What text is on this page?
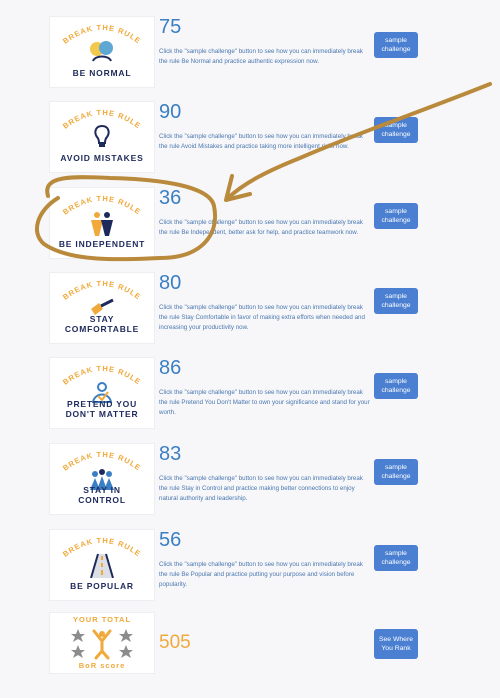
BREAK THE RULE
BE NORMAL
75
Click the "sample challenge" button to see how you can immediately break the rule Be Normal and practice authentic expression now.
sample
challenge
BREAK THE RULE
AVOID MISTAKES
90
Click the "sample challenge" button to see how you can immediately break the rule Avoid Mistakes and practice taking more intelligent risks now.
sample
challenge
BREAK THE RULE
BE INDEPENDENT
36
Click the "sample challenge" button to see how you can immediately break the rule Be Independent, better ask for help, and practice teamwork now.
sample
challenge
BREAK THE RULE
STAY
COMFORTABLE
80
Click the "sample challenge" button to see how you can immediately break the rule Stay Comfortable in favor of making extra efforts when needed and increasing your productivity now.
sample
challenge
BREAK THE RULE
PRETEND YOU
DON'T MATTER
86
Click the "sample challenge" button to see how you can immediately break the rule Pretend You Don't Matter to own your significance and stand for your worth.
sample
challenge
BREAK THE RULE
STAY IN
CONTROL
83
Click the "sample challenge" button to see how you can immediately break the rule Stay in Control and practice making better connections to enjoy natural authority and leadership.
sample
challenge
BREAK THE RULE
BE POPULAR
56
Click the "sample challenge" button to see how you can immediately break the rule Be Popular and practice putting your purpose and vision before popularity.
sample
challenge
YOUR TOTAL
BoR score
505	See Where
You Rank
